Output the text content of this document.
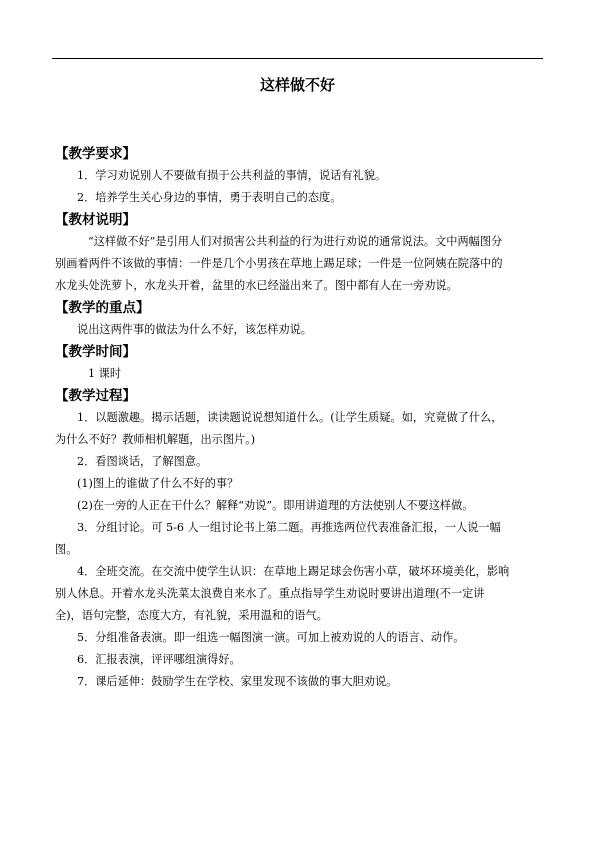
这样做不好
【教学要求】
1．学习劝说别人不要做有损于公共利益的事情，说话有礼貌。
2．培养学生关心身边的事情，勇于表明自己的态度。
【教材说明】
“这样做不好”是引用人们对损害公共利益的行为进行劝说的通常说法。文中两幅图分
别画着两件不该做的事情：一件是几个小男孩在草地上踢足球；一件是一位阿姨在院落中的
水龙头处洗萝卜，水龙头开着，盆里的水已经溢出来了。图中都有人在一旁劝说。
【教学的重点】
说出这两件事的做法为什么不好，该怎样劝说。
【教学时间】
1 课时
【教学过程】
1．以题激趣。揭示话题，读读题说说想知道什么。(让学生质疑。如，究竟做了什么，
为什么不好？教师相机解题，出示图片。)
2．看图谈话，了解图意。
(1)图上的谁做了什么不好的事？
(2)在一旁的人正在干什么？解释“劝说”。即用讲道理的方法使别人不要这样做。
3．分组讨论。可 5-6 人一组讨论书上第二题。再推选两位代表准备汇报，一人说一幅
图。
4．全班交流。在交流中使学生认识：在草地上踢足球会伤害小草，破坏环境美化，影响
别人休息。开着水龙头洗菜太浪费自来水了。重点指导学生劝说时要讲出道理(不一定讲
全)，语句完整，态度大方，有礼貌，采用温和的语气。
5．分组准备表演。即一组选一幅图演一演。可加上被劝说的人的语言、动作。
6．汇报表演，评评哪组演得好。
7．课后延伸：鼓励学生在学校、家里发现不该做的事大胆劝说。
